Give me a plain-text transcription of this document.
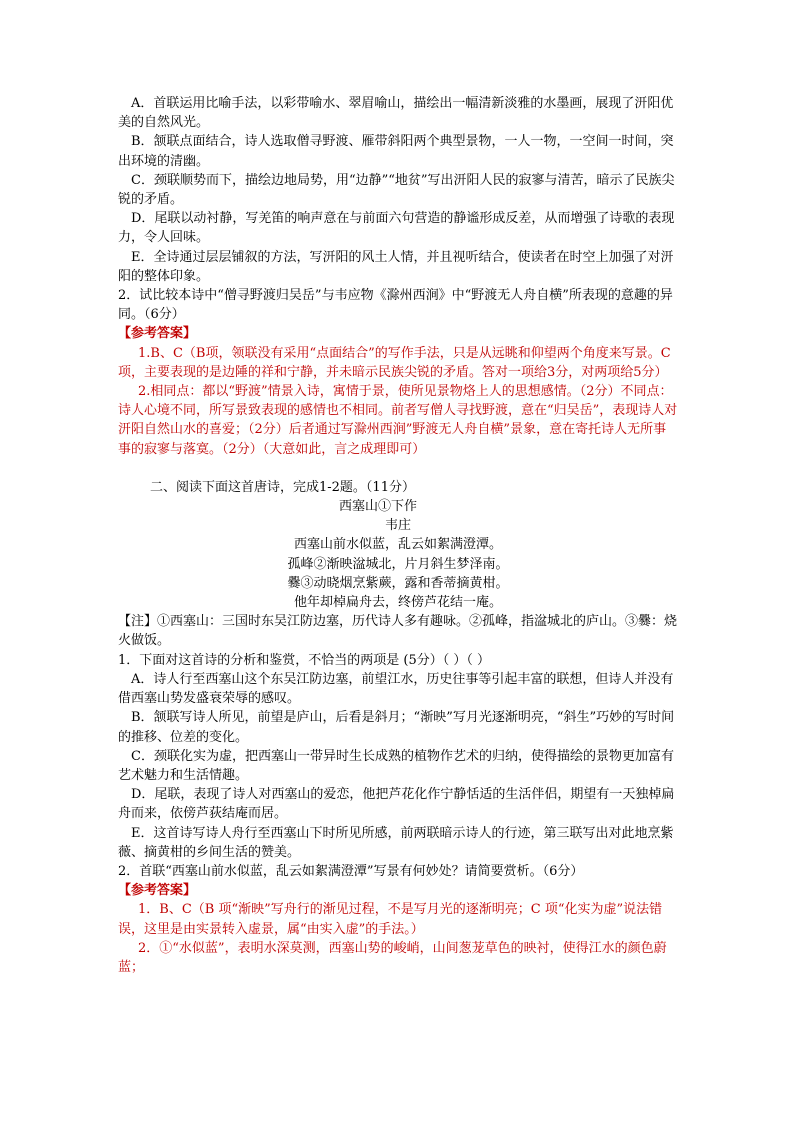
A．首联运用比喻手法，以彩带喻水、翠眉喻山，描绘出一幅清新淡雅的水墨画，展现了汧阳优美的自然风光。

B．颔联点面结合，诗人选取僧寻野渡、雁带斜阳两个典型景物，一人一物，一空间一时间，突出环境的清幽。

C．颈联顺势而下，描绘边地局势，用“边静”“地贫”写出汧阳人民的寂寥与清苦，暗示了民族尖锐的矛盾。

D．尾联以动衬静，写羌笛的响声意在与前面六句营造的静谧形成反差，从而增强了诗歌的表现力，令人回味。

E．全诗通过层层铺叙的方法，写汧阳的风土人情，并且视听结合，使读者在时空上加强了对汧阳的整体印象。

2．试比较本诗中“僧寻野渡归吴岳”与韦应物《滁州西涧》中“野渡无人舟自横”所表现的意趣的异同。（6分）

【参考答案】

1.B、C（B项，领联没有采用“点面结合”的写作手法，只是从远眺和仰望两个角度来写景。C项，主要表现的是边陲的祥和宁静，并未暗示民族尖锐的矛盾。答对一项给3分，对两项给5分）

2.相同点：都以“野渡”情景入诗，寓情于景，使所见景物烙上人的思想感情。（2分）不同点：诗人心境不同，所写景致表现的感情也不相同。前者写僧人寻找野渡，意在“归吴岳”，表现诗人对汧阳自然山水的喜爱；（2分）后者通过写滁州西涧”野渡无人舟自横”景象，意在寄托诗人无所事事的寂寥与落寞。（2分）（大意如此，言之成理即可）

二、阅读下面这首唐诗，完成1-2题。（11分）

西塞山①下作

韦庄

西塞山前水似蓝，乱云如絮满澄潭。

孤峰②渐映湓城北，片月斜生梦泽南。

爨③动晓烟烹紫蕨，露和香蒂摘黄柑。

他年却棹扁舟去，终傍芦花结一庵。

【注】①西塞山：三国时东吴江防边塞，历代诗人多有趣咏。②孤峰，指湓城北的庐山。③爨：烧火做饭。

1．下面对这首诗的分析和鉴赏，不恰当的两项是 (5分）（ ）（ ）

A．诗人行至西塞山这个东吴江防边塞，前望江水，历史往事等引起丰富的联想，但诗人并没有借西塞山势发盛衰荣辱的感叹。

B．颔联写诗人所见，前望是庐山，后看是斜月；“渐映”写月光逐渐明亮，“斜生”巧妙的写时间的推移、位差的变化。

C．颈联化实为虚，把西塞山一带异时生长成熟的植物作艺术的归纳，使得描绘的景物更加富有艺术魅力和生活情趣。

D．尾联，表现了诗人对西塞山的爱恋，他把芦花化作宁静恬适的生活伴侣，期望有一天独棹扁舟而来，依傍芦荻结庵而居。

E．这首诗写诗人舟行至西塞山下时所见所感，前两联暗示诗人的行迹，第三联写出对此地烹紫薇、摘黄柑的乡间生活的赞美。

2．首联“西塞山前水似蓝，乱云如絮满澄潭”写景有何妙处？请简要赏析。（6分）

【参考答案】

1．B、C（B 项“渐映”写舟行的渐见过程，不是写月光的逐渐明亮；C 项“化实为虚”说法错误，这里是由实景转入虚景，属“由实入虚”的手法。）

2．①“水似蓝”，表明水深莫测，西塞山势的峻峭，山间葱茏草色的映衬，使得江水的颜色蔚蓝；
